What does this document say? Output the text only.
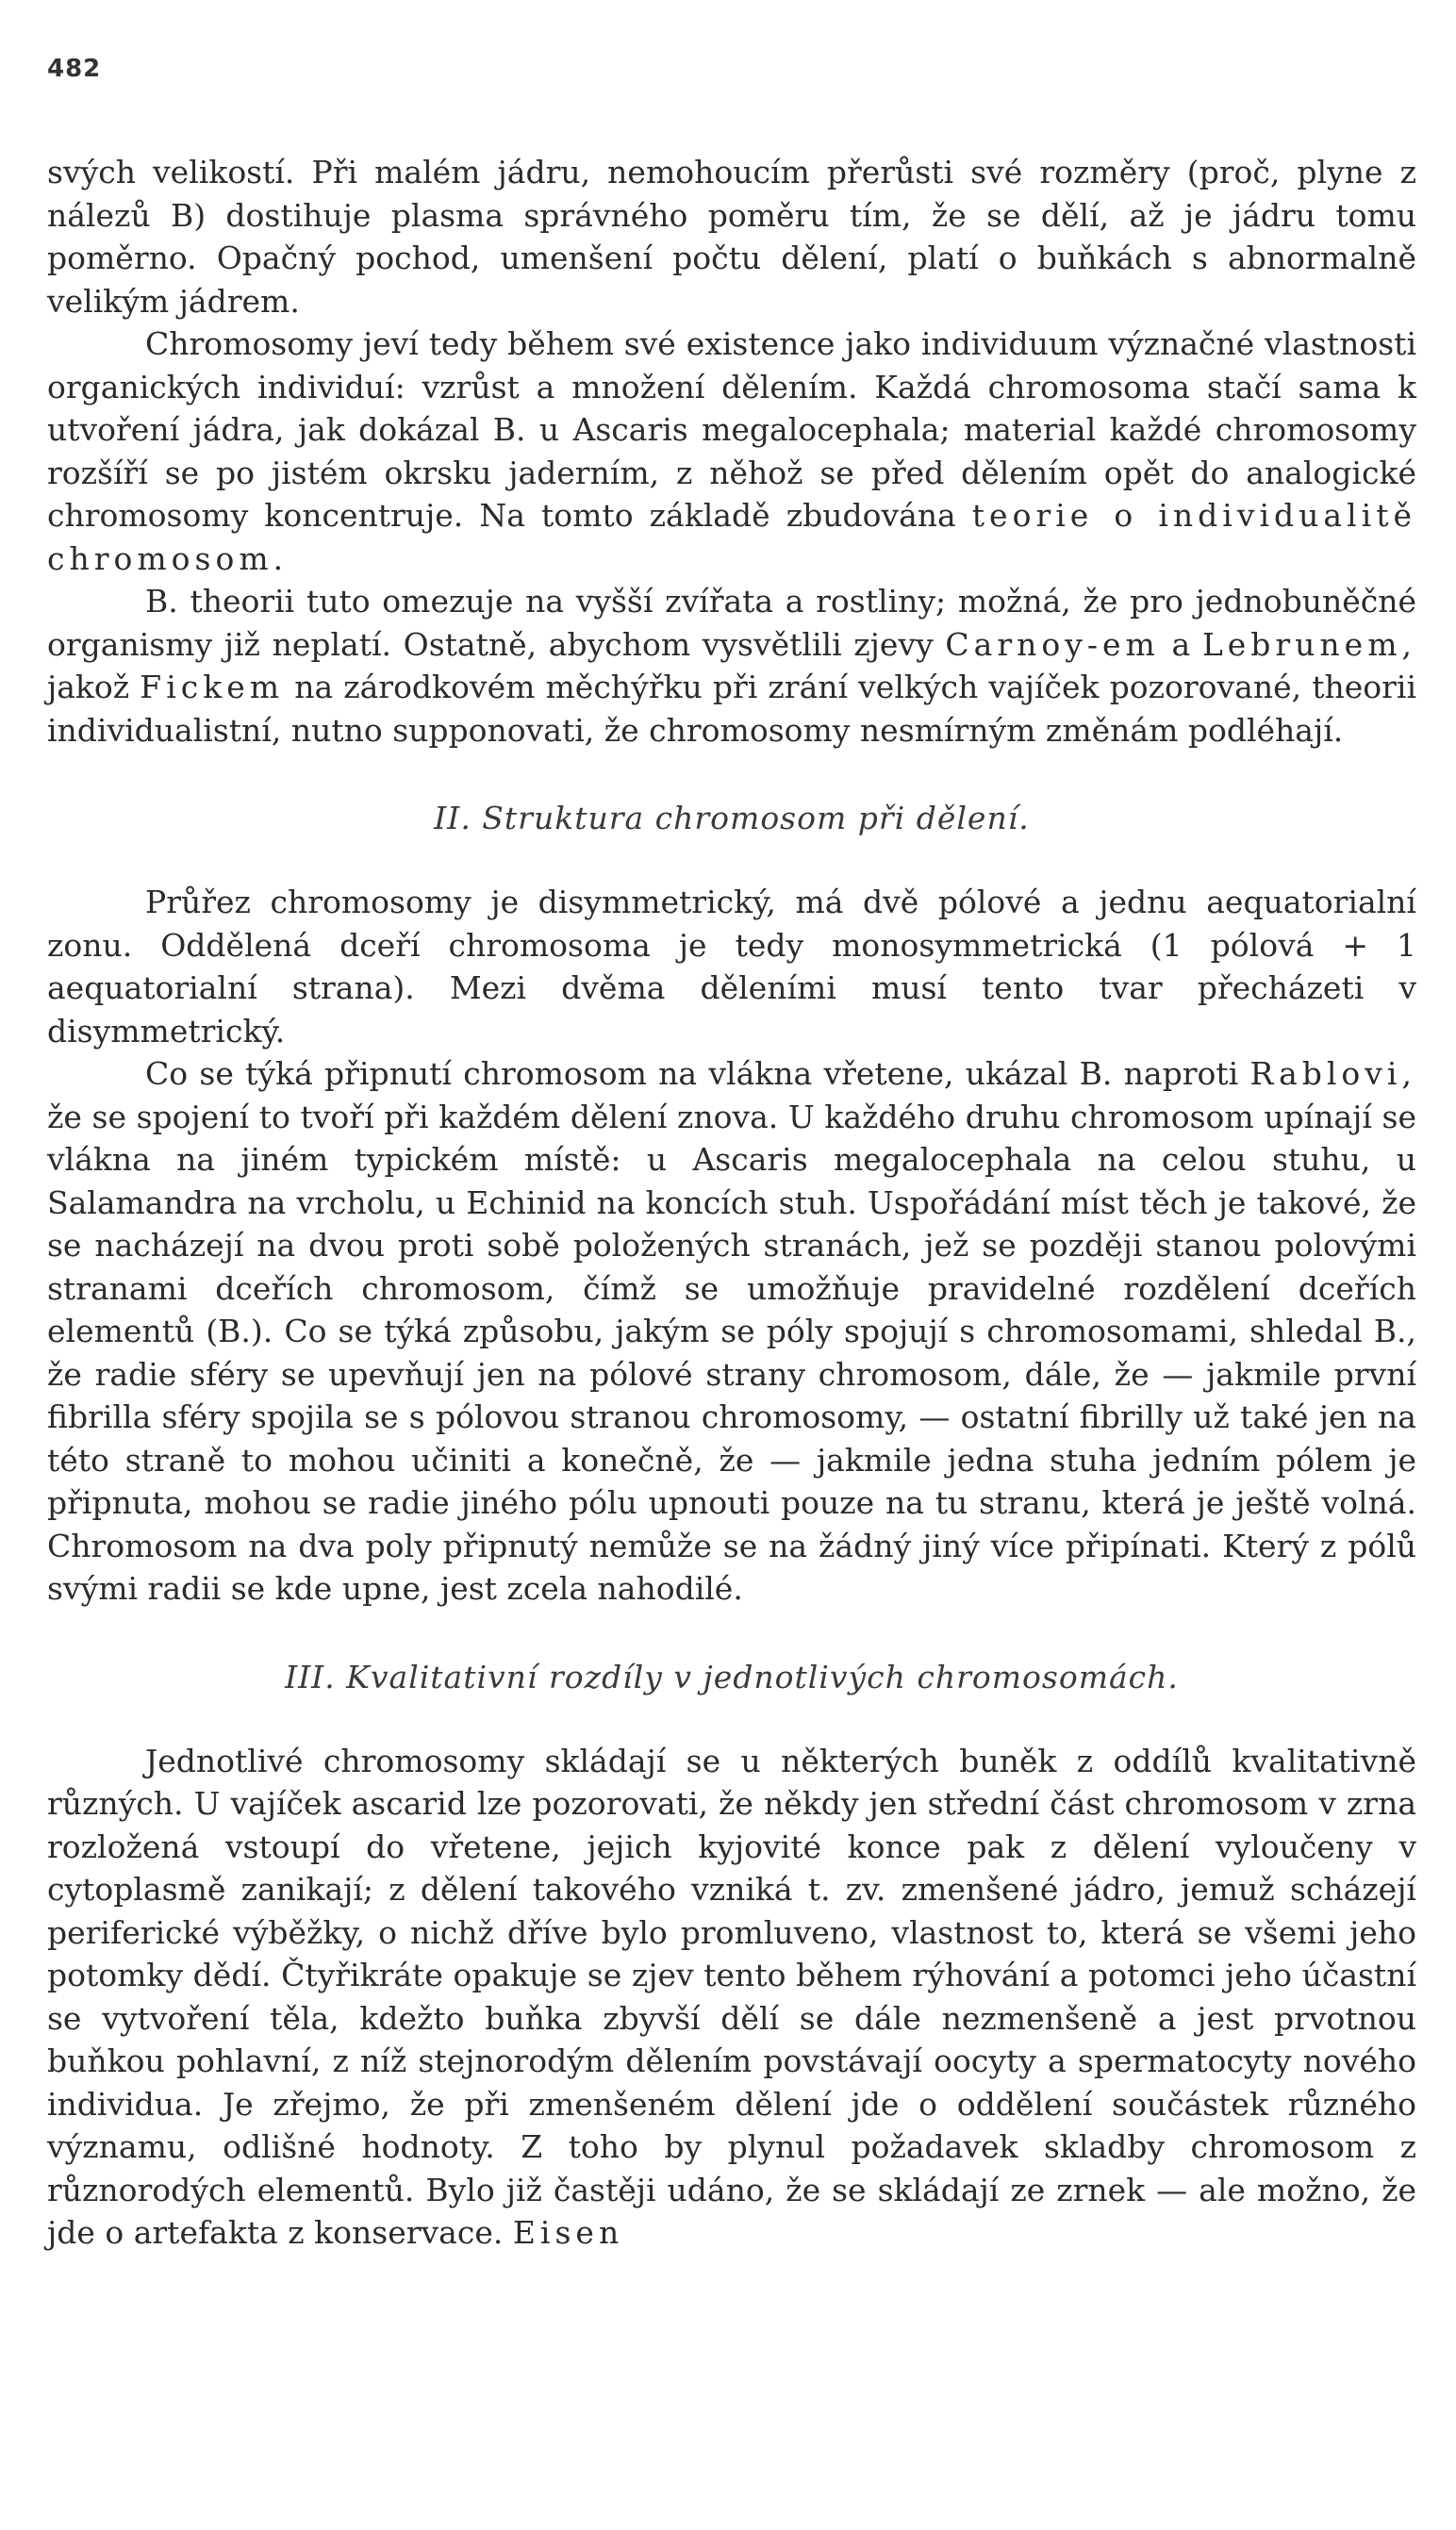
482

svých velikostí. Při malém jádru, nemohoucím přerůsti své rozměry (proč, plyne z nálezů B) dostihuje plasma správného poměru tím, že se dělí, až je jádru tomu poměrno. Opačný pochod, umenšení počtu dělení, platí o buňkách s abnormalně velikým jádrem.

Chromosomy jeví tedy během své existence jako individuum význačné vlastnosti organických individuí: vzrůst a množení dělením. Každá chromosoma stačí sama k utvoření jádra, jak dokázal B. u Ascaris megalocephala; material každé chromosomy rozšíří se po jistém okrsku jaderním, z něhož se před dělením opět do analogické chromosomy koncentruje. Na tomto základě zbudována teorie o individualitě chromosom.

B. theorii tuto omezuje na vyšší zvířata a rostliny; možná, že pro jednobuněčné organismy již neplatí. Ostatně, abychom vysvětlili zjevy Carnoy-em a Lebrunem, jakož Fickem na zárodkovém měchýřku při zrání velkých vajíček pozorované, theorii individualistní, nutno supponovati, že chromosomy nesmírným změnám podléhají.

II. Struktura chromosom při dělení.

Průřez chromosomy je disymmetrický, má dvě pólové a jednu aequatorialní zonu. Oddělená dceří chromosoma je tedy monosymmetrická (1 pólová + 1 aequatorialní strana). Mezi dvěma děleními musí tento tvar přecházeti v disymmetrický.

Co se týká připnutí chromosom na vlákna vřetene, ukázal B. naproti Rablovi, že se spojení to tvoří při každém dělení znova. U každého druhu chromosom upínají se vlákna na jiném typickém místě: u Ascaris megalocephala na celou stuhu, u Salamandra na vrcholu, u Echinid na koncích stuh. Uspořádání míst těch je takové, že se nacházejí na dvou proti sobě položených stranách, jež se později stanou polovými stranami dceřích chromosom, čímž se umožňuje pravidelné rozdělení dceřích elementů (B.). Co se týká způsobu, jakým se póly spojují s chromosomami, shledal B., že radie sféry se upevňují jen na pólové strany chromosom, dále, že — jakmile první fibrilla sféry spojila se s pólovou stranou chromosomy, — ostatní fibrilly už také jen na této straně to mohou učiniti a konečně, že — jakmile jedna stuha jedním pólem je připnuta, mohou se radie jiného pólu upnouti pouze na tu stranu, která je ještě volná. Chromosom na dva poly připnutý nemůže se na žádný jiný více připínati. Který z pólů svými radii se kde upne, jest zcela nahodilé.

III. Kvalitativní rozdíly v jednotlivých chromosomách.

Jednotlivé chromosomy skládají se u některých buněk z oddílů kvalitativně různých. U vajíček ascarid lze pozorovati, že někdy jen střední část chromosom v zrna rozložená vstoupí do vřetene, jejich kyjovité konce pak z dělení vyloučeny v cytoplasmě zanikají; z dělení takového vzniká t. zv. zmenšené jádro, jemuž scházejí periferické výběžky, o nichž dříve bylo promluveno, vlastnost to, která se všemi jeho potomky dědí. Čtyřikráte opakuje se zjev tento během rýhování a potomci jeho účastní se vytvoření těla, kdežto buňka zbyvší dělí se dále nezmenšeně a jest prvotnou buňkou pohlavní, z níž stejnorodým dělením povstávají oocyty a spermatocyty nového individua. Je zřejmo, že při zmenšeném dělení jde o oddělení součástek různého významu, odlišné hodnoty. Z toho by plynul požadavek skladby chromosom z různorodých elementů. Bylo již častěji udáno, že se skládají ze zrnek — ale možno, že jde o artefakta z konservace. Eisen
